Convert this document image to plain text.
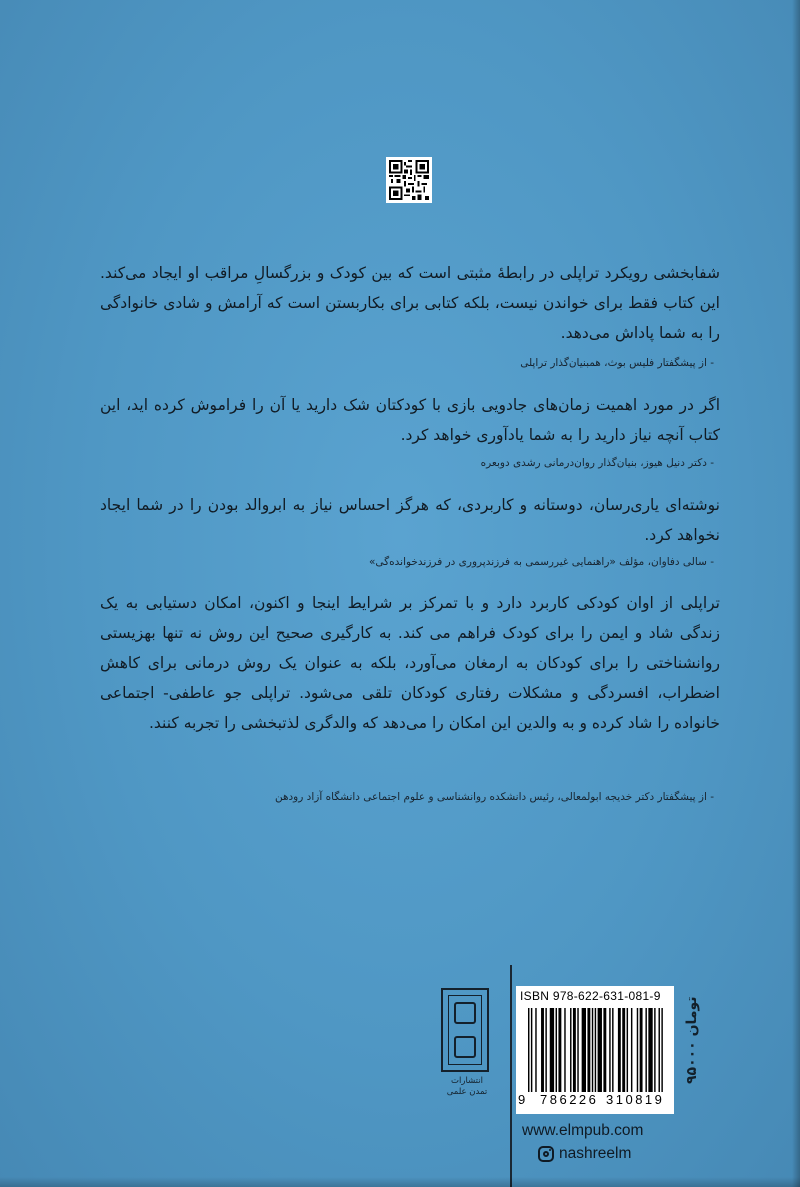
شفابخشی رویکرد تراپلی در رابطهٔ مثبتی است که بین کودک و بزرگسالِ مراقب او ایجاد می‌کند. این کتاب فقط برای خواندن نیست، بلکه کتابی برای بکاربستن است که آرامش و شادی خانوادگی را به شما پاداش می‌دهد.

- از پیشگفتار فلیس بوث، همبنیان‌گذار تراپلی

اگر در مورد اهمیت زمان‌های جادویی بازی با کودکتان شک دارید یا آن را فراموش کرده اید، این کتاب آنچه نیاز دارید را به شما یادآوری خواهد کرد.

- دکتر دنیل هیوز، بنیان‌گذار روان‌درمانی رشدی دوبعره

نوشته‌ای یاری‌رسان، دوستانه و کاربردی، که هرگز احساس نیاز به ابروالد بودن را در شما ایجاد نخواهد کرد.

- سالی دفاوان، مؤلف «راهنمایی غیررسمی به فرزندپروری در فرزندخوانده‌گی»

تراپلی از اوان کودکی کاربرد دارد و با تمرکز بر شرایط اینجا و اکنون، امکان دستیابی به یک زندگی شاد و ایمن را برای کودک فراهم می کند. به کارگیری صحیح این روش نه تنها بهزیستی روانشناختی را برای کودکان به ارمغان می‌آورد، بلکه به عنوان یک روش درمانی برای کاهش اضطراب، افسردگی و مشکلات رفتاری کودکان تلقی می‌شود. تراپلی جو عاطفی- اجتماعی خانواده را شاد کرده و به والدین این امکان را می‌دهد که والدگری لذتبخشی را تجربه کنند.

- از پیشگفتار دکتر خدیجه ابولمعالی، رئیس دانشکده روانشناسی و علوم اجتماعی دانشگاه آزاد رودهن

انتشارات تمدن علمی
ISBN 978-622-631-081-9
9 786226 310819
۹۵۰۰۰ تومان
www.elmpub.com
nashreelm
